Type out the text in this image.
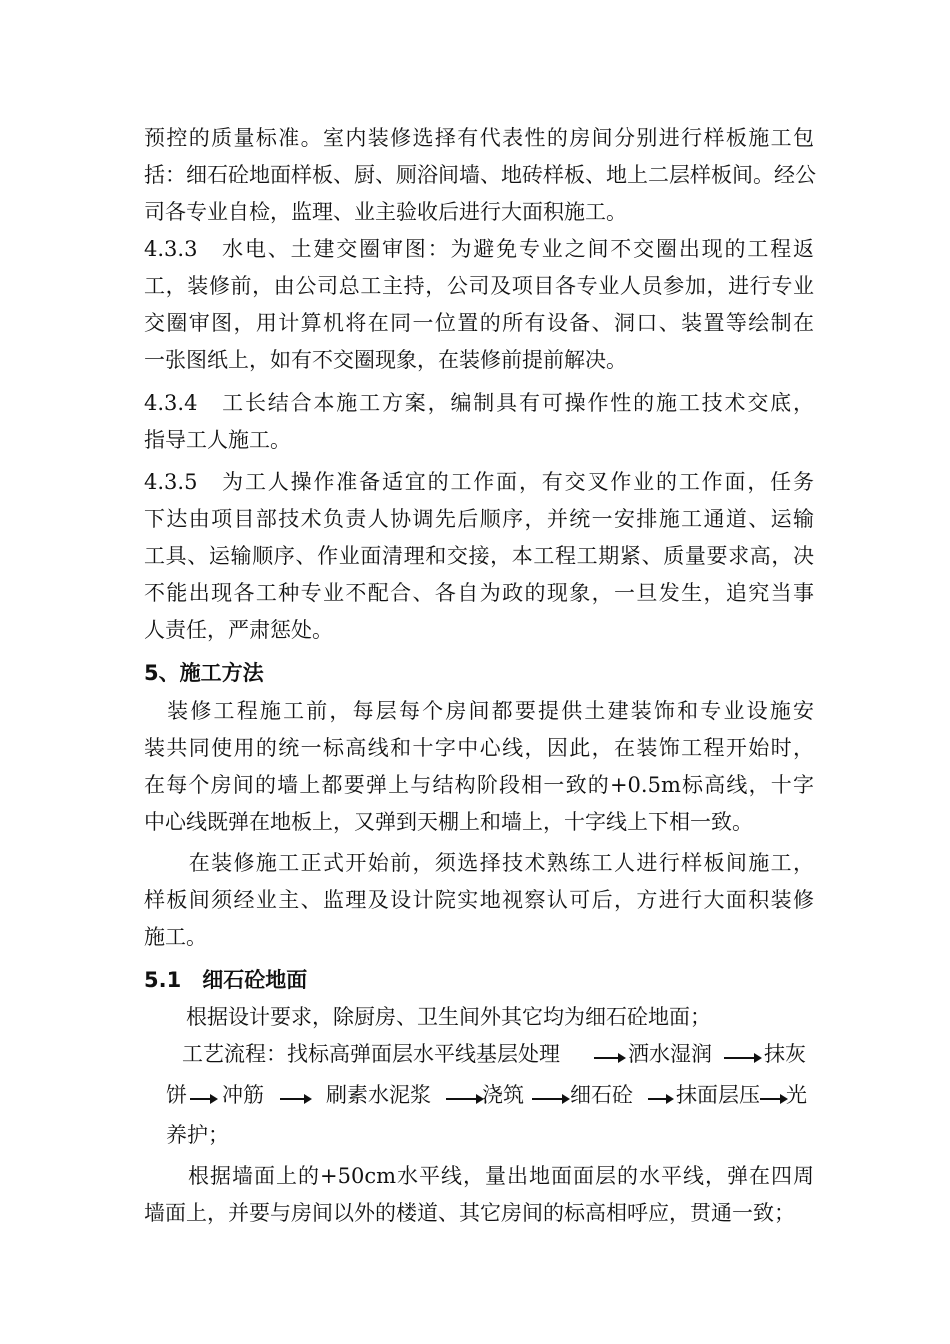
预控的质量标准。室内装修选择有代表性的房间分别进行样板施工包
括：细石砼地面样板、厨、厕浴间墙、地砖样板、地上二层样板间。经公
司各专业自检，监理、业主验收后进行大面积施工。
4.3.3　水电、土建交圈审图：为避免专业之间不交圈出现的工程返
工，装修前，由公司总工主持，公司及项目各专业人员参加，进行专业
交圈审图，用计算机将在同一位置的所有设备、洞口、装置等绘制在
一张图纸上，如有不交圈现象，在装修前提前解决。
4.3.4　工长结合本施工方案，编制具有可操作性的施工技术交底，
指导工人施工。
4.3.5　为工人操作准备适宜的工作面，有交叉作业的工作面，任务
下达由项目部技术负责人协调先后顺序，并统一安排施工通道、运输
工具、运输顺序、作业面清理和交接，本工程工期紧、质量要求高，决
不能出现各工种专业不配合、各自为政的现象，一旦发生，追究当事
人责任，严肃惩处。
5、施工方法
　装修工程施工前，每层每个房间都要提供土建装饰和专业设施安
装共同使用的统一标高线和十字中心线，因此，在装饰工程开始时，
在每个房间的墙上都要弹上与结构阶段相一致的+0.5m标高线，十字
中心线既弹在地板上，又弹到天棚上和墙上，十字线上下相一致。
　　在装修施工正式开始前，须选择技术熟练工人进行样板间施工，
样板间须经业主、监理及设计院实地视察认可后，方进行大面积装修
施工。
5.1　细石砼地面
　　根据设计要求，除厨房、卫生间外其它均为细石砼地面；
工艺流程：找标高弹面层水平线基层处理	洒水湿润 抹灰
饼 冲筋	刷素水泥浆 浇筑 细石砼 抹面层压 光
养护；
　　根据墙面上的+50cm水平线，量出地面面层的水平线，弹在四周
墙面上，并要与房间以外的楼道、其它房间的标高相呼应，贯通一致；
